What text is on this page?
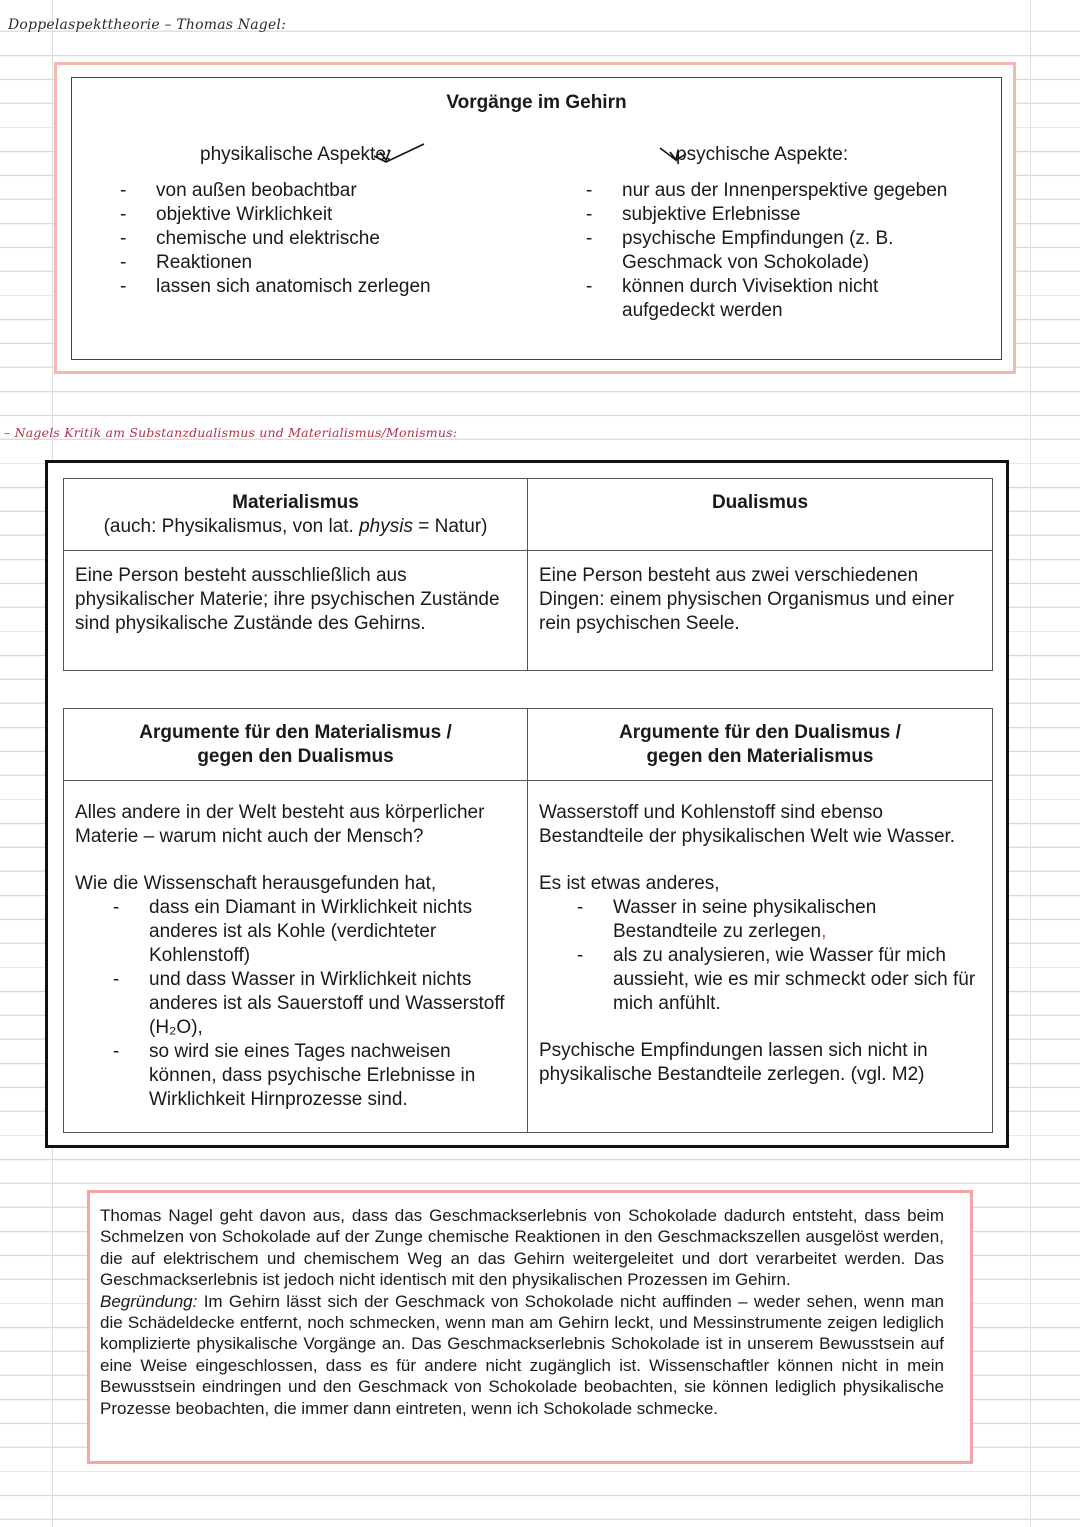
Doppelaspekttheorie – Thomas Nagel:
– Nagels Kritik am Substanzdualismus und Materialismus/Monismus:
Vorgänge im Gehirn
physikalische Aspekte:
- von außen beobachtbar
- objektive Wirklichkeit
- chemische und elektrische
- Reaktionen
- lassen sich anatomisch zerlegen
psychische Aspekte:
- nur aus der Innenperspektive gegeben
- subjektive Erlebnisse
- psychische Empfindungen (z. B.
Geschmack von Schokolade)
- können durch Vivisektion nicht
aufgedeckt werden

Materialismus

(auch: Physikalismus, von lat. physis = Natur)

Dualismus

Eine Person besteht ausschließlich aus physikalischer Materie; ihre psychischen Zustände sind physikalische Zustände des Gehirns.

Eine Person besteht aus zwei verschiedenen Dingen: einem physischen Organismus und einer rein psychischen Seele.

Argumente für den Materialismus /

gegen den Dualismus

Argumente für den Dualismus /

gegen den Materialismus

Alles andere in der Welt besteht aus körperlicher Materie – warum nicht auch der Mensch?

Wie die Wissenschaft herausgefunden hat,

- dass ein Diamant in Wirklichkeit nichts anderes ist als Kohle (verdichteter Kohlenstoff)
- und dass Wasser in Wirklichkeit nichts anderes ist als Sauerstoff und Wasserstoff (H₂O),
- so wird sie eines Tages nachweisen können, dass psychische Erlebnisse in Wirklichkeit Hirnprozesse sind.

Wasserstoff und Kohlenstoff sind ebenso Bestandteile der physikalischen Welt wie Wasser.

Es ist etwas anderes,

- Wasser in seine physikalischen Bestandteile zu zerlegen,
- als zu analysieren, wie Wasser für mich aussieht, wie es mir schmeckt oder sich für mich anfühlt.

Psychische Empfindungen lassen sich nicht in physikalische Bestandteile zerlegen. (vgl. M2)

Thomas Nagel geht davon aus, dass das Geschmackserlebnis von Schokolade dadurch entsteht, dass beim Schmelzen von Schokolade auf der Zunge chemische Reaktionen in den Geschmackszellen ausgelöst werden, die auf elektrischem und chemischem Weg an das Gehirn weitergeleitet und dort verarbeitet werden. Das Geschmackserlebnis ist jedoch nicht identisch mit den physikalischen Prozessen im Gehirn.

Begründung: Im Gehirn lässt sich der Geschmack von Schokolade nicht auffinden – weder sehen, wenn man die Schädeldecke entfernt, noch schmecken, wenn man am Gehirn leckt, und Messinstrumente zeigen lediglich komplizierte physikalische Vorgänge an. Das Geschmackserlebnis Schokolade ist in unserem Bewusstsein auf eine Weise eingeschlossen, dass es für andere nicht zugänglich ist. Wissenschaftler können nicht in mein Bewusstsein eindringen und den Geschmack von Schokolade beobachten, sie können lediglich physikalische Prozesse beobachten, die immer dann eintreten, wenn ich Schokolade schmecke.
